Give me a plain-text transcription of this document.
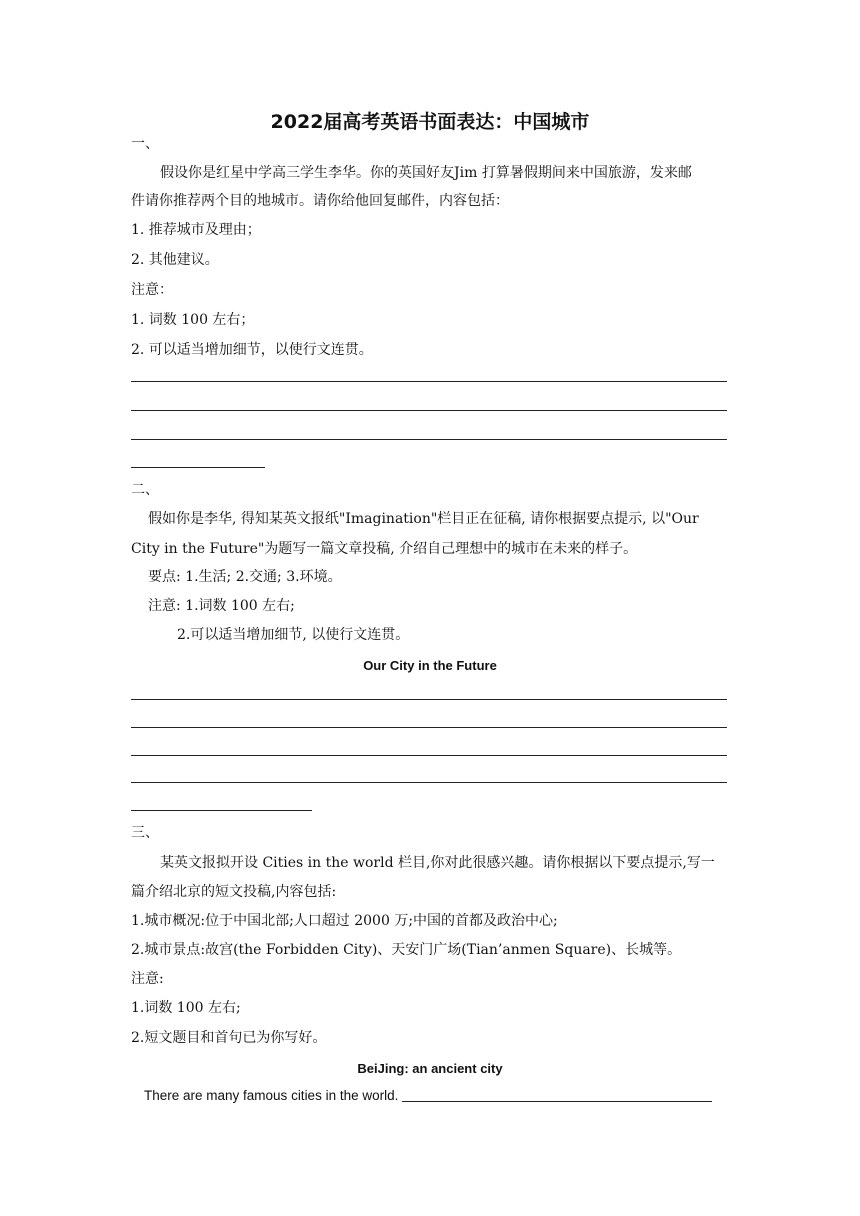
2022届高考英语书面表达：中国城市
一、
假设你是红星中学高三学生李华。你的英国好友Jim 打算暑假期间来中国旅游，发来邮
件请你推荐两个目的地城市。请你给他回复邮件，内容包括：
1. 推荐城市及理由；
2. 其他建议。
注意：
1. 词数 100 左右；
2. 可以适当增加细节，以使行文连贯。
二、
假如你是李华, 得知某英文报纸"Imagination"栏目正在征稿, 请你根据要点提示, 以"Our
City in the Future"为题写一篇文章投稿, 介绍自己理想中的城市在未来的样子。
要点: 1.生活; 2.交通; 3.环境。
注意: 1.词数 100 左右;
2.可以适当增加细节, 以使行文连贯。
Our City in the Future
三、
某英文报拟开设 Cities in the world 栏目,你对此很感兴趣。请你根据以下要点提示,写一
篇介绍北京的短文投稿,内容包括:
1.城市概况:位于中国北部;人口超过 2000 万;中国的首都及政治中心;
2.城市景点:故宫(the Forbidden City)、天安门广场(Tian’anmen Square)、长城等。
注意:
1.词数 100 左右;
2.短文题目和首句已为你写好。
BeiJing: an ancient city
There are many famous cities in the world.
